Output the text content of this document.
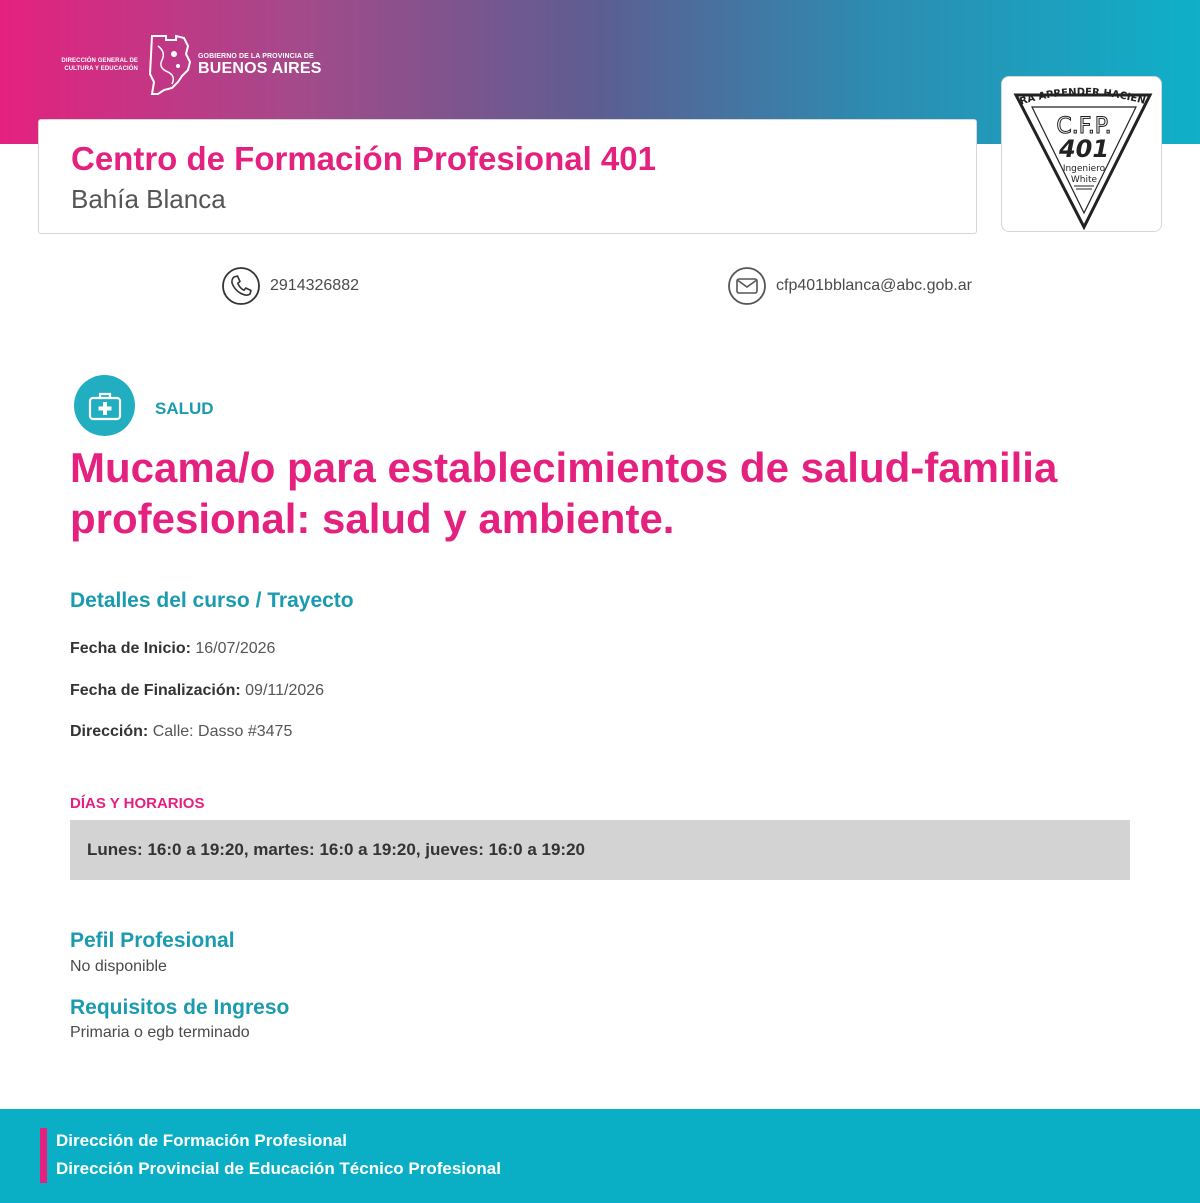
DIRECCIÓN GENERAL DE
CULTURA Y EDUCACIÓN
GOBIERNO DE LA PROVINCIA DE
BUENOS AIRES
Centro de Formación Profesional 401
Bahía Blanca
RA APRENDER HACIEN
C.F.P.
401
Ingeniero
White
2914326882	cfp401bblanca@abc.gob.ar
SALUD
Mucama/o para establecimientos de salud-familia profesional: salud y ambiente.
Detalles del curso / Trayecto
Fecha de Inicio: 16/07/2026
Fecha de Finalización: 09/11/2026
Dirección: Calle: Dasso #3475
DÍAS Y HORARIOS
Lunes: 16:0 a 19:20, martes: 16:0 a 19:20, jueves: 16:0 a 19:20
Pefil Profesional
No disponible
Requisitos de Ingreso
Primaria o egb terminado
Dirección de Formación Profesional
Dirección Provincial de Educación Técnico Profesional
